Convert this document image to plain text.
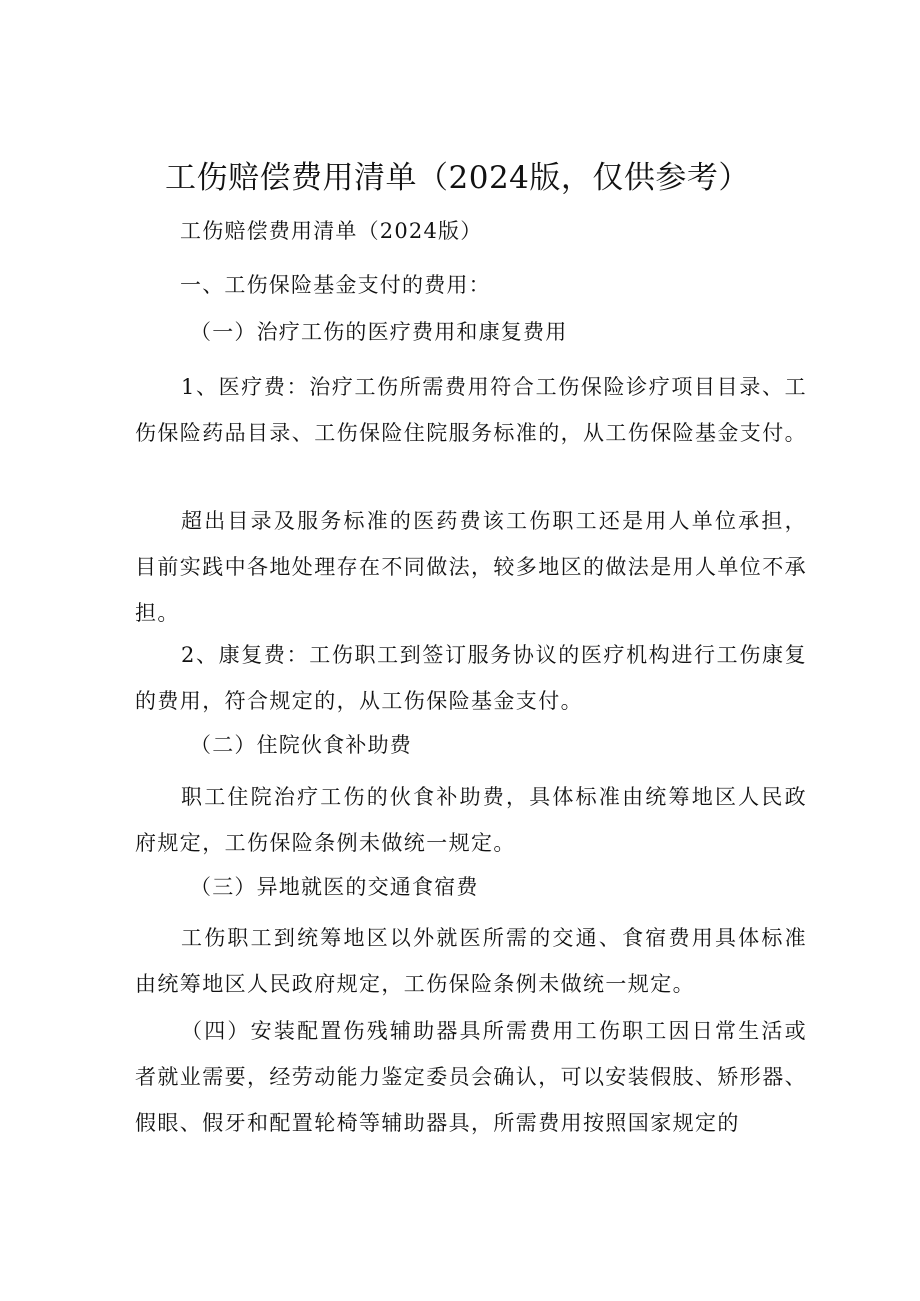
工伤赔偿费用清单（2024版，仅供参考）

工伤赔偿费用清单（2024版）

一、工伤保险基金支付的费用：

（一）治疗工伤的医疗费用和康复费用

1、医疗费：治疗工伤所需费用符合工伤保险诊疗项目目录、工伤保险药品目录、工伤保险住院服务标准的，从工伤保险基金支付。

超出目录及服务标准的医药费该工伤职工还是用人单位承担，目前实践中各地处理存在不同做法，较多地区的做法是用人单位不承担。

2、康复费：工伤职工到签订服务协议的医疗机构进行工伤康复的费用，符合规定的，从工伤保险基金支付。

（二）住院伙食补助费

职工住院治疗工伤的伙食补助费，具体标准由统筹地区人民政府规定，工伤保险条例未做统一规定。

（三）异地就医的交通食宿费

工伤职工到统筹地区以外就医所需的交通、食宿费用具体标准由统筹地区人民政府规定，工伤保险条例未做统一规定。

（四）安装配置伤残辅助器具所需费用工伤职工因日常生活或者就业需要，经劳动能力鉴定委员会确认，可以安装假肢、矫形器、假眼、假牙和配置轮椅等辅助器具，所需费用按照国家规定的
